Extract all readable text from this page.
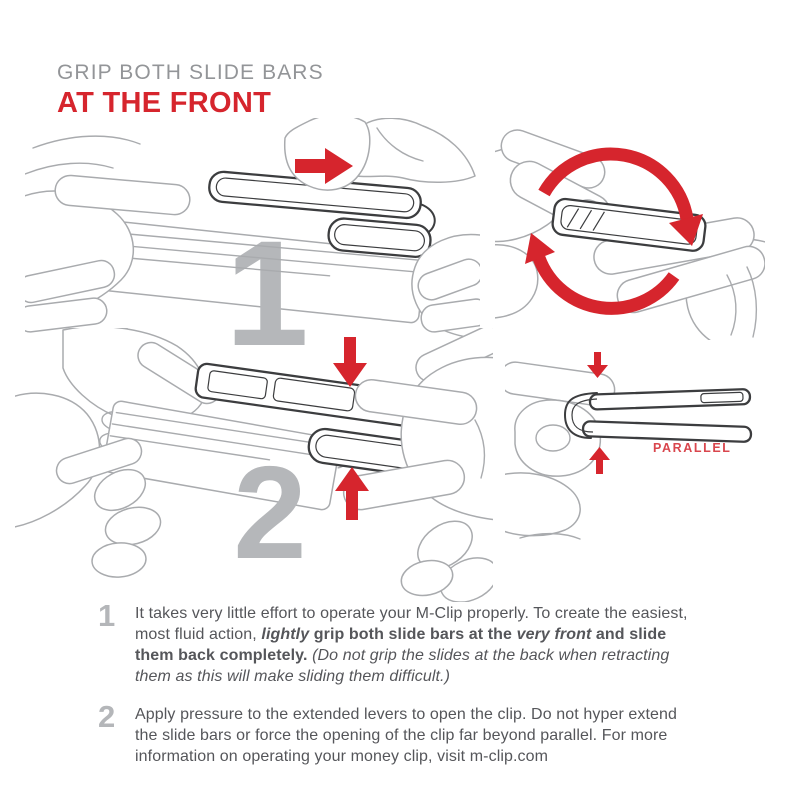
GRIP BOTH SLIDE BARS
AT THE FRONT
1
2	PARALLEL
1	It takes very little effort to operate your M-Clip properly. To create the easiest, most fluid action, lightly grip both slide bars at the very front and slide them back completely. (Do not grip the slides at the back when retracting them as this will make sliding them difficult.)

2	Apply pressure to the extended levers to open the clip. Do not hyper extend the slide bars or force the opening of the clip far beyond parallel. For more information on operating your money clip, visit m-clip.com
